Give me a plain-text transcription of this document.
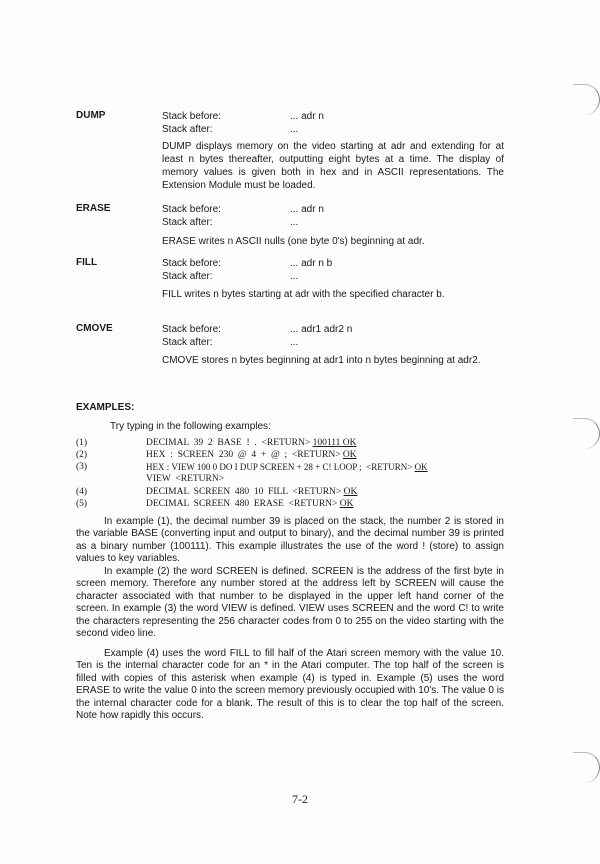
DUMP	Stack before:	... adr n
Stack after:	...
DUMP displays memory on the video starting at adr and extending for at least n bytes thereafter, outputting eight bytes at a time. The display of memory values is given both in hex and in ASCII representations. The Extension Module must be loaded.
ERASE	Stack before:	... adr n
Stack after:	...
ERASE writes n ASCII nulls (one byte 0's) beginning at adr.
FILL	Stack before:	... adr n b
Stack after:	...
FILL writes n bytes starting at adr with the specified character b.
CMOVE	Stack before:	... adr1 adr2 n
Stack after:	...
CMOVE stores n bytes beginning at adr1 into n bytes beginning at adr2.
EXAMPLES:
Try typing in the following examples:
(1)	DECIMAL  39  2  BASE  !  .  <RETURN> 100111 OK
(2)	HEX  :  SCREEN  230  @  4  +  @  ;  <RETURN> OK
(3)	HEX : VIEW 100 0 DO I DUP SCREEN + 28 + C! LOOP ;  <RETURN> OK
VIEW  <RETURN>
(4)	DECIMAL  SCREEN  480  10  FILL  <RETURN> OK
(5)	DECIMAL  SCREEN  480  ERASE  <RETURN> OK
In example (1), the decimal number 39 is placed on the stack, the number 2 is stored in the variable BASE (converting input and output to binary), and the decimal number 39 is printed as a binary number (100111). This example illustrates the use of the word ! (store) to assign values to key variables.
In example (2) the word SCREEN is defined. SCREEN is the address of the first byte in screen memory. Therefore any number stored at the address left by SCREEN will cause the character associated with that number to be displayed in the upper left hand corner of the screen. In example (3) the word VIEW is defined. VIEW uses SCREEN and the word C! to write the characters representing the 256 character codes from 0 to 255 on the video starting with the second video line.
Example (4) uses the word FILL to fill half of the Atari screen memory with the value 10. Ten is the internal character code for an * in the Atari computer. The top half of the screen is filled with copies of this asterisk when example (4) is typed in. Example (5) uses the word ERASE to write the value 0 into the screen memory previously occupied with 10's. The value 0 is the internal character code for a blank. The result of this is to clear the top half of the screen. Note how rapidly this occurs.
7-2
